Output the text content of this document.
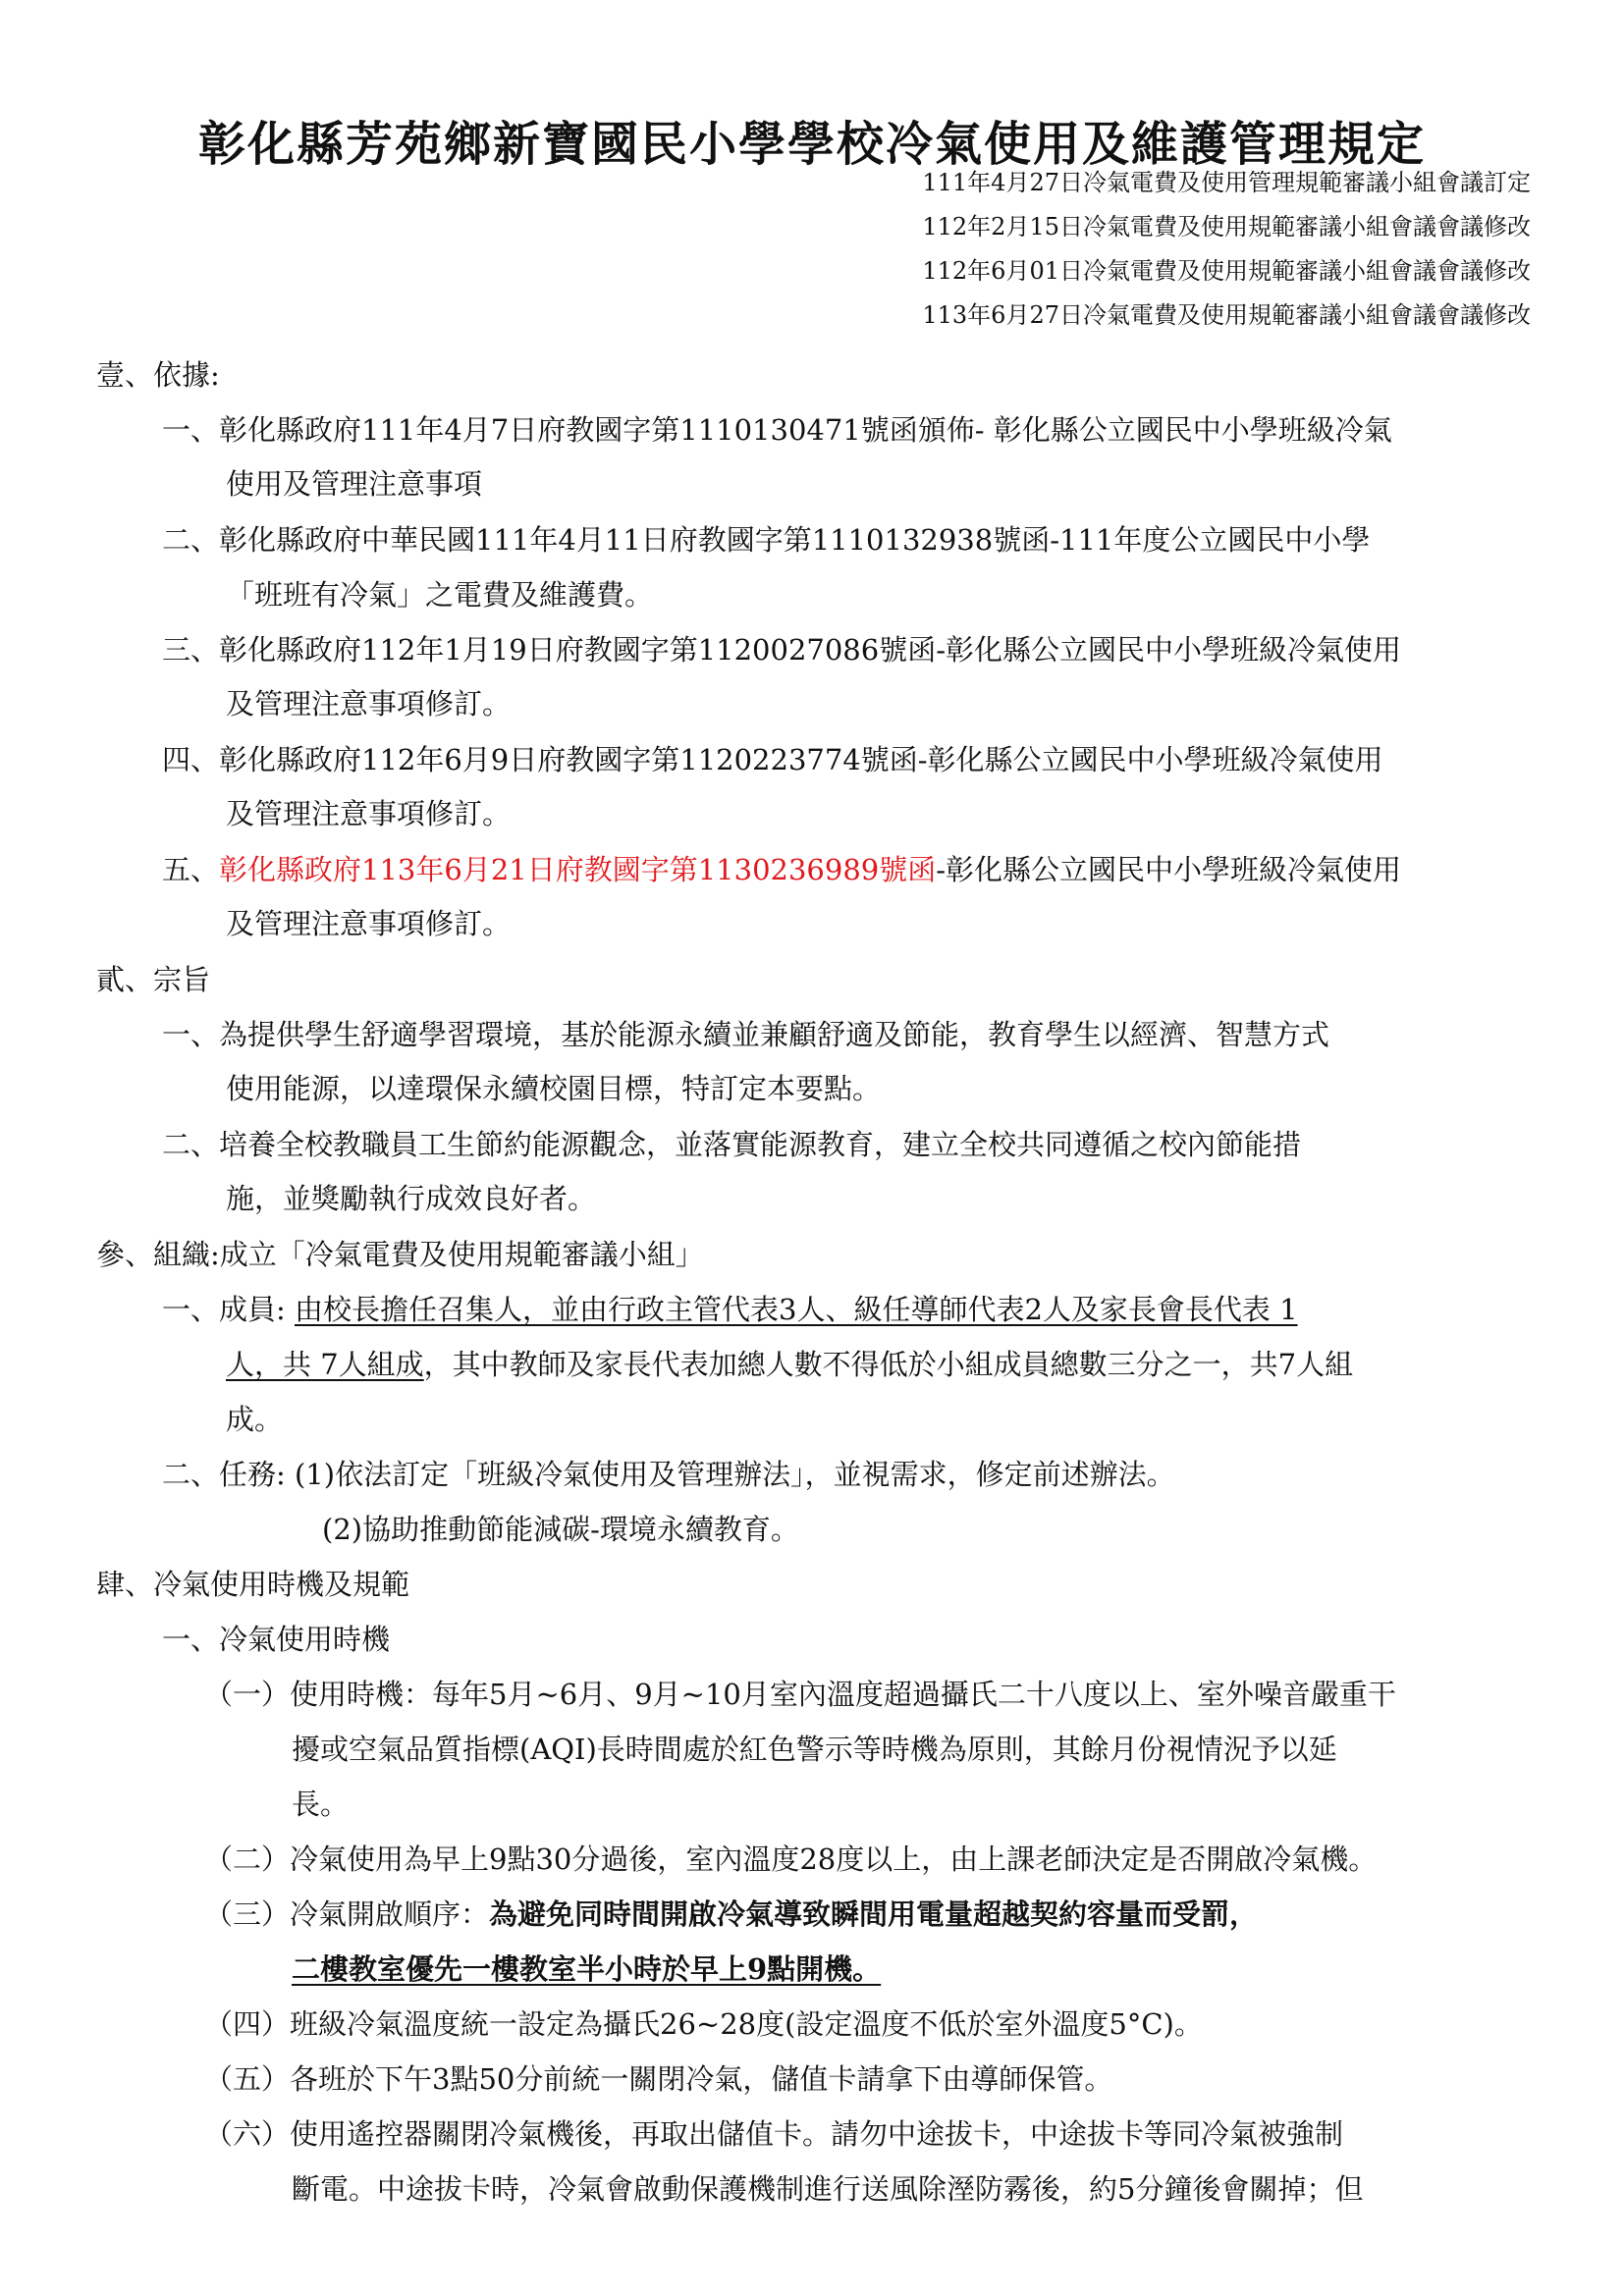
彰化縣芳苑鄉新寶國民小學學校冷氣使用及維護管理規定
111年4月27日冷氣電費及使用管理規範審議小組會議訂定
112年2月15日冷氣電費及使用規範審議小組會議會議修改
112年6月01日冷氣電費及使用規範審議小組會議會議修改
113年6月27日冷氣電費及使用規範審議小組會議會議修改
壹、依據:
一、彰化縣政府111年4月7日府教國字第1110130471號函頒佈- 彰化縣公立國民中小學班級冷氣
使用及管理注意事項
二、彰化縣政府中華民國111年4月11日府教國字第1110132938號函-111年度公立國民中小學
「班班有冷氣」之電費及維護費。
三、彰化縣政府112年1月19日府教國字第1120027086號函-彰化縣公立國民中小學班級冷氣使用
及管理注意事項修訂。
四、彰化縣政府112年6月9日府教國字第1120223774號函-彰化縣公立國民中小學班級冷氣使用
及管理注意事項修訂。
五、彰化縣政府113年6月21日府教國字第1130236989號函-彰化縣公立國民中小學班級冷氣使用
及管理注意事項修訂。
貳、宗旨
一、為提供學生舒適學習環境，基於能源永續並兼顧舒適及節能，教育學生以經濟、智慧方式
使用能源，以達環保永續校園目標，特訂定本要點。
二、培養全校教職員工生節約能源觀念，並落實能源教育，建立全校共同遵循之校內節能措
施，並獎勵執行成效良好者。
參、組織:成立「冷氣電費及使用規範審議小組」
一、成員: 由校長擔任召集人，並由行政主管代表3人、級任導師代表2人及家長會長代表 1
人，共 7人組成，其中教師及家長代表加總人數不得低於小組成員總數三分之一，共7人組
成。
二、任務: (1)依法訂定「班級冷氣使用及管理辦法」，並視需求，修定前述辦法。
(2)協助推動節能減碳-環境永續教育。
肆、冷氣使用時機及規範
一、冷氣使用時機
（一）使用時機：每年5月~6月、9月~10月室內溫度超過攝氏二十八度以上、室外噪音嚴重干
擾或空氣品質指標(AQI)長時間處於紅色警示等時機為原則，其餘月份視情況予以延
長。
（二）冷氣使用為早上9點30分過後，室內溫度28度以上，由上課老師決定是否開啟冷氣機。
（三）冷氣開啟順序：為避免同時間開啟冷氣導致瞬間用電量超越契約容量而受罰，
二樓教室優先一樓教室半小時於早上9點開機。
（四）班級冷氣溫度統一設定為攝氏26~28度(設定溫度不低於室外溫度5°C)。
（五）各班於下午3點50分前統一關閉冷氣，儲值卡請拿下由導師保管。
（六）使用遙控器關閉冷氣機後，再取出儲值卡。請勿中途拔卡，中途拔卡等同冷氣被強制
斷電。中途拔卡時，冷氣會啟動保護機制進行送風除溼防霧後，約5分鐘後會關掉；但
